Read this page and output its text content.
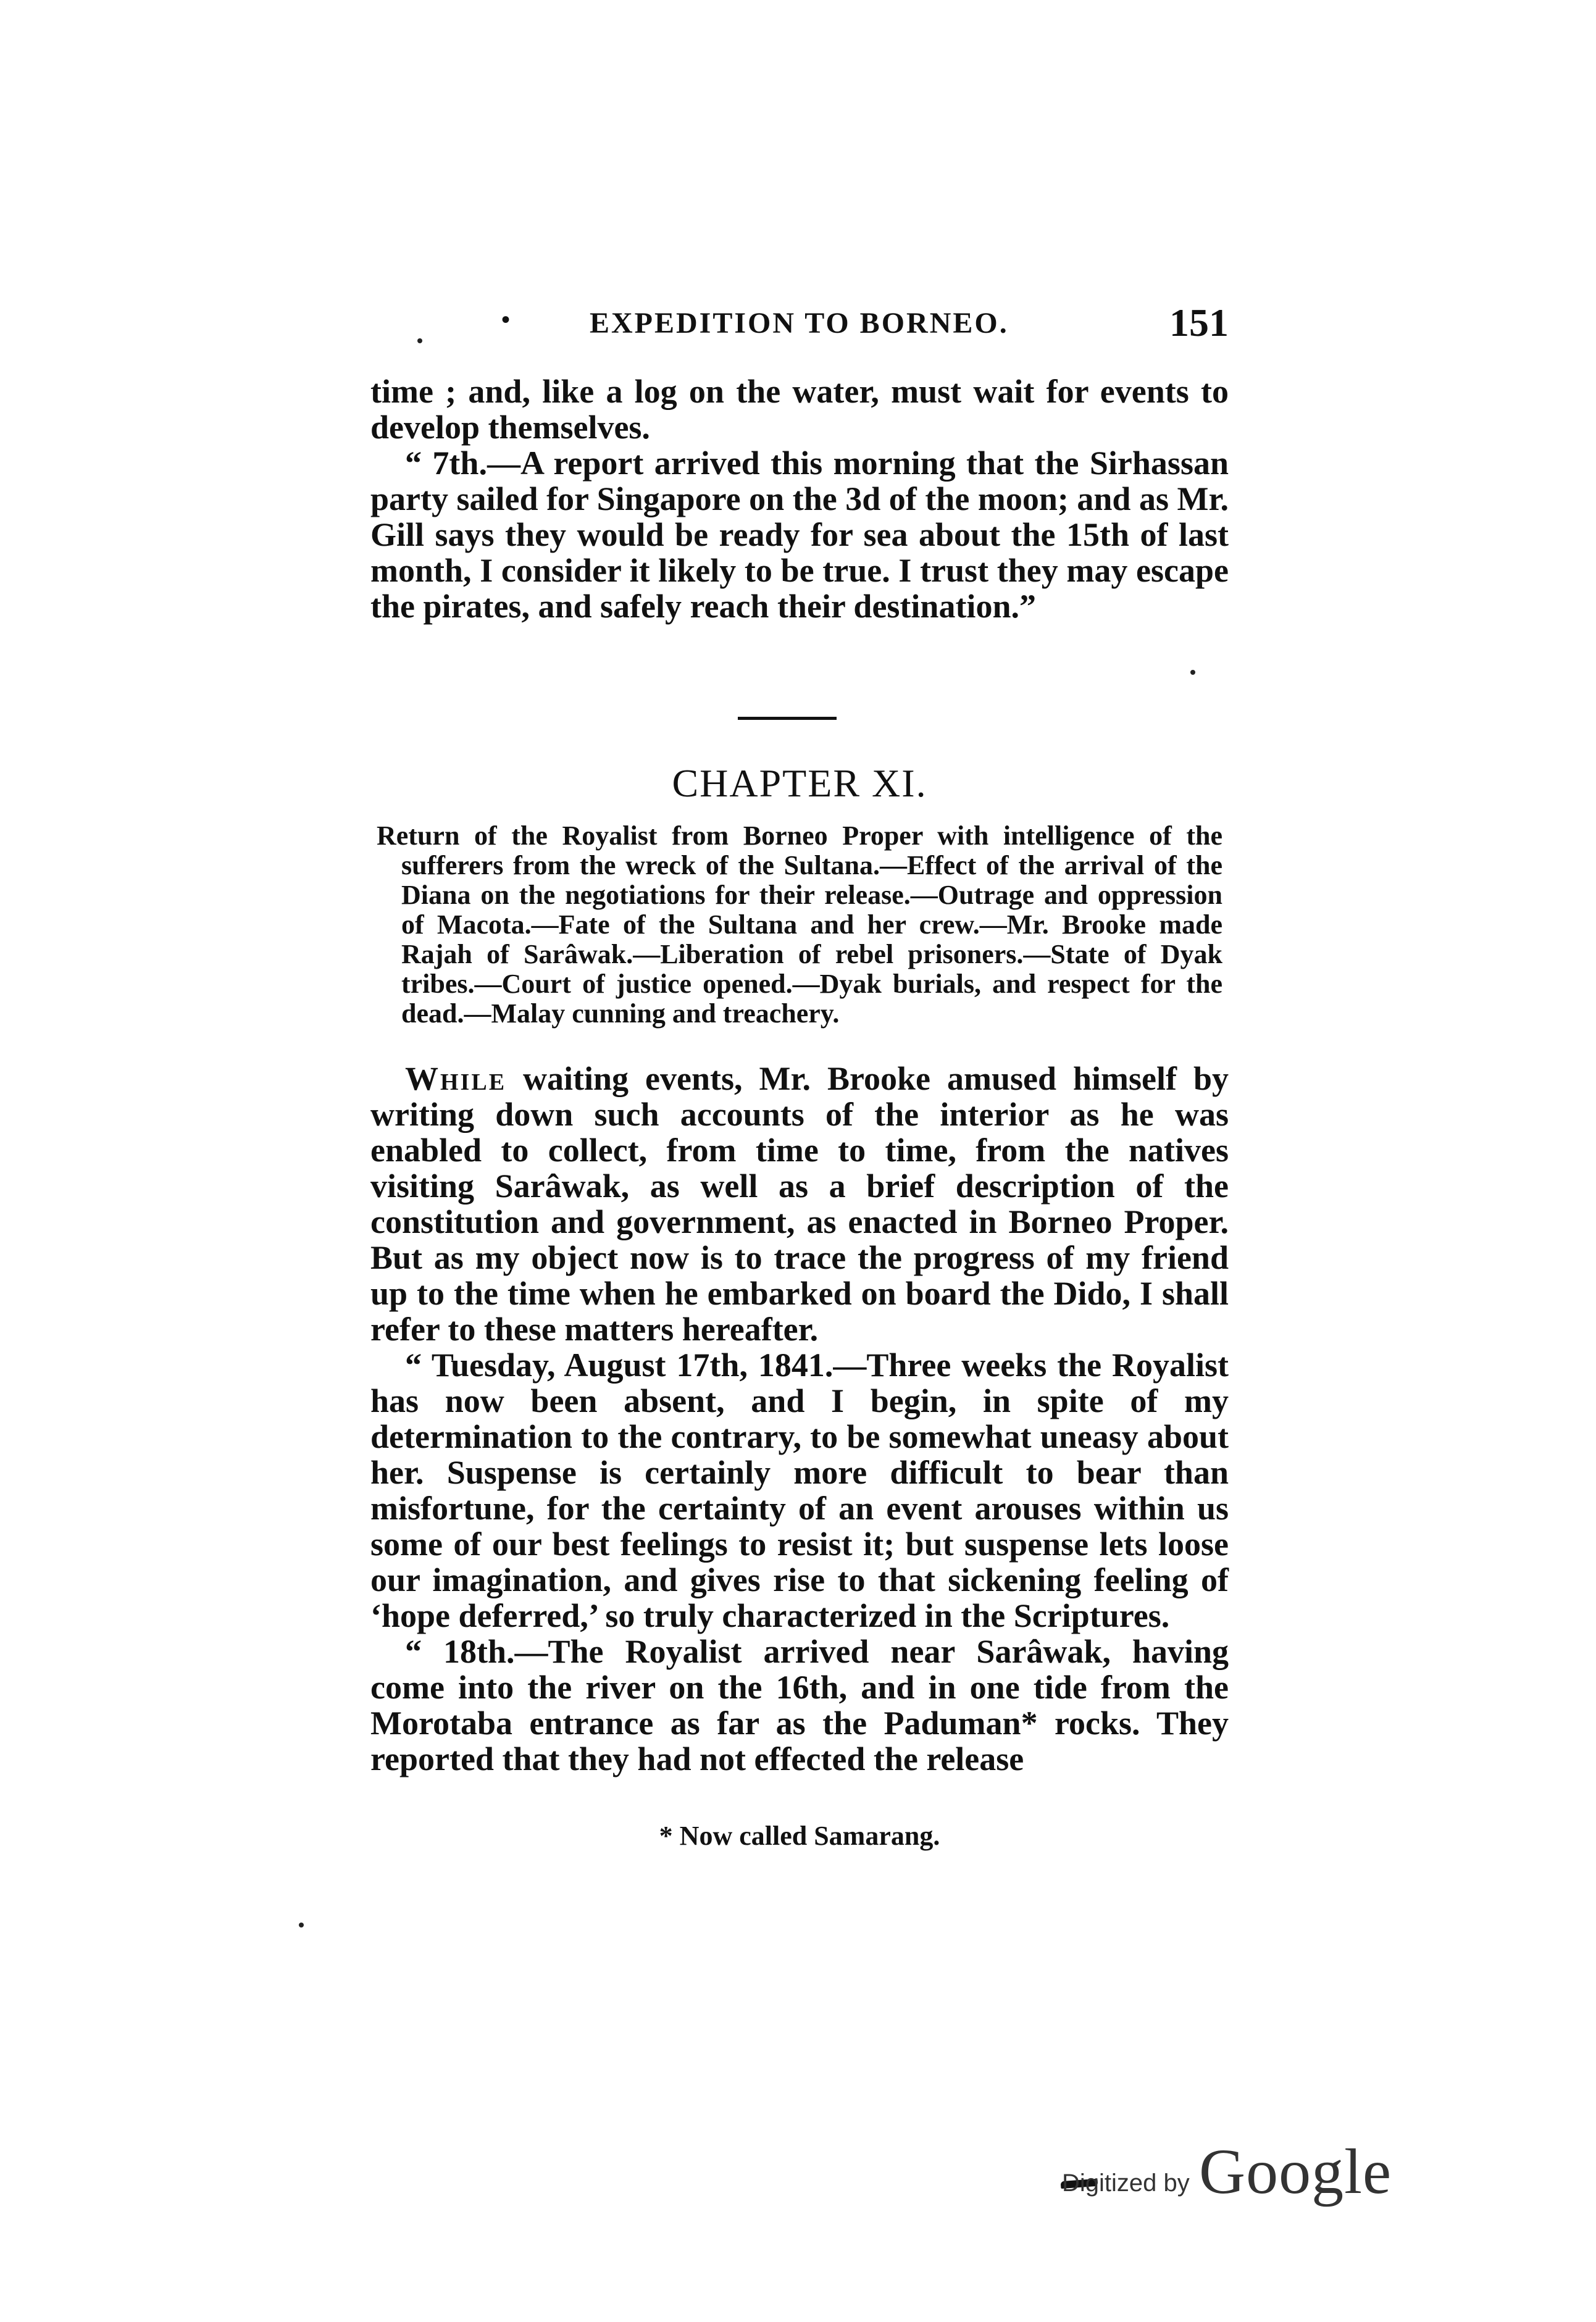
•	EXPEDITION TO BORNEO.	151

time ; and, like a log on the water, must wait for events to develop themselves.

“ 7th.—A report arrived this morning that the Sirhassan party sailed for Singapore on the 3d of the moon; and as Mr. Gill says they would be ready for sea about the 15th of last month, I consider it likely to be true. I trust they may escape the pirates, and safely reach their destination.”

CHAPTER XI.
Return of the Royalist from Borneo Proper with intelligence of the sufferers from the wreck of the Sultana.—Effect of the arrival of the Diana on the negotiations for their release.—Outrage and oppression of Macota.—Fate of the Sultana and her crew.—Mr. Brooke made Rajah of Sarâwak.—Liberation of rebel prisoners.—State of Dyak tribes.—Court of justice opened.—Dyak burials, and respect for the dead.—Malay cunning and treachery.

While waiting events, Mr. Brooke amused himself by writing down such accounts of the interior as he was enabled to collect, from time to time, from the natives visiting Sarâwak, as well as a brief description of the constitution and government, as enacted in Borneo Proper. But as my object now is to trace the progress of my friend up to the time when he embarked on board the Dido, I shall refer to these matters hereafter.

“ Tuesday, August 17th, 1841.—Three weeks the Royalist has now been absent, and I begin, in spite of my determination to the contrary, to be somewhat uneasy about her. Suspense is certainly more difficult to bear than misfortune, for the certainty of an event arouses within us some of our best feelings to resist it; but suspense lets loose our imagination, and gives rise to that sickening feeling of ‘hope deferred,’ so truly characterized in the Scriptures.

“ 18th.—The Royalist arrived near Sarâwak, having come into the river on the 16th, and in one tide from the Morotaba entrance as far as the Paduman* rocks. They reported that they had not effected the release

* Now called Samarang.
Digitized by Google
